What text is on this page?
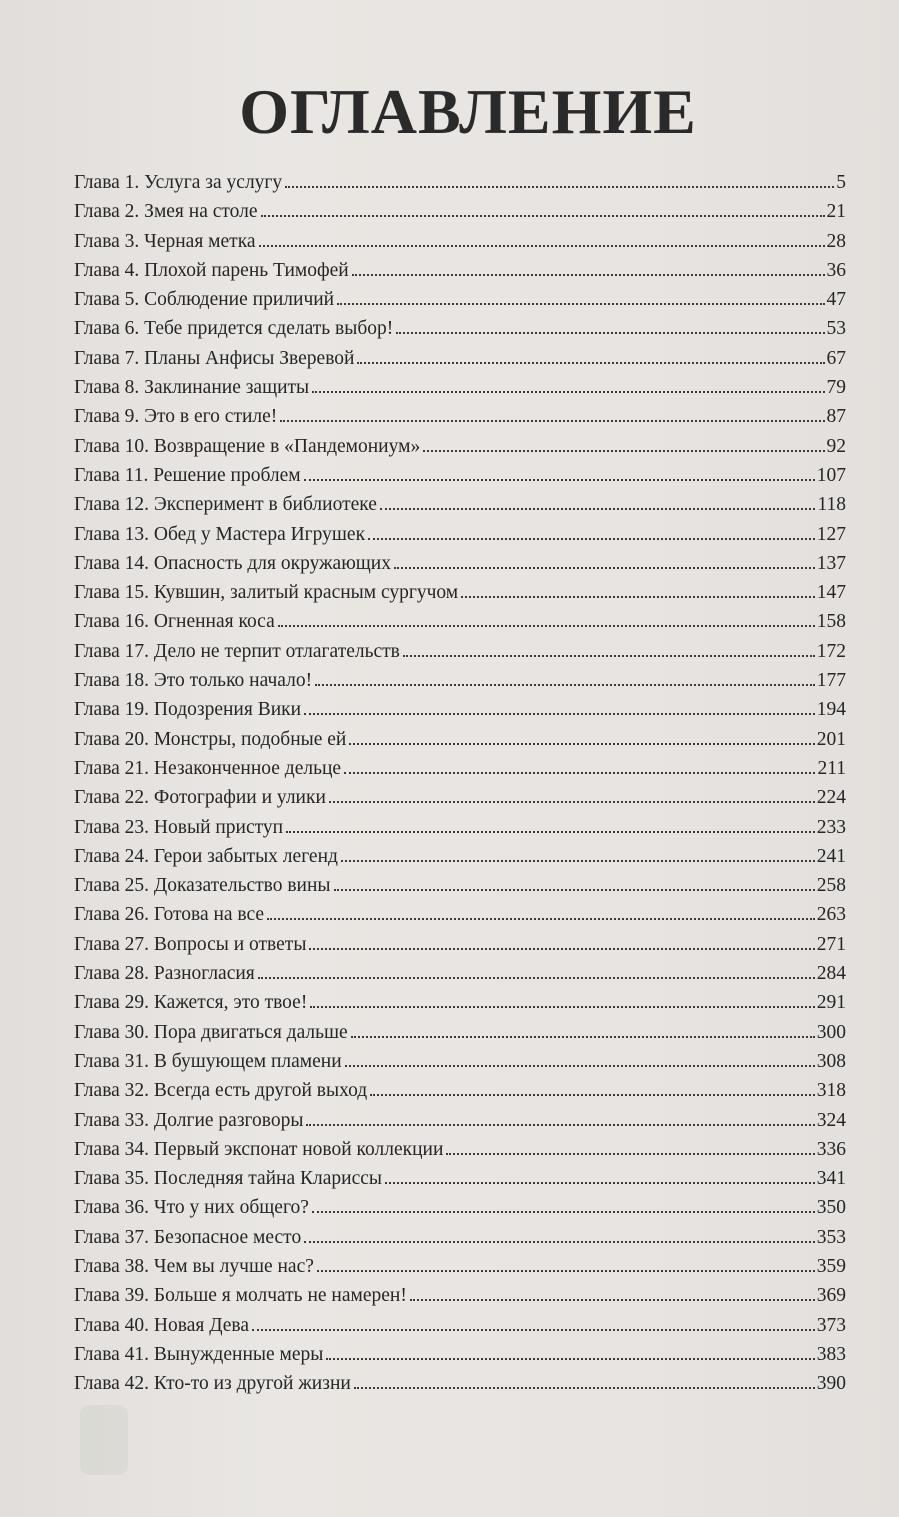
ОГЛАВЛЕНИЕ
Глава 1. Услуга за услугу	5
Глава 2. Змея на столе	21
Глава 3. Черная метка	28
Глава 4. Плохой парень Тимофей	36
Глава 5. Соблюдение приличий	47
Глава 6. Тебе придется сделать выбор!	53
Глава 7. Планы Анфисы Зверевой	67
Глава 8. Заклинание защиты	79
Глава 9. Это в его стиле!	87
Глава 10. Возвращение в «Пандемониум»	92
Глава 11. Решение проблем	107
Глава 12. Эксперимент в библиотеке	118
Глава 13. Обед у Мастера Игрушек	127
Глава 14. Опасность для окружающих	137
Глава 15. Кувшин, залитый красным сургучом	147
Глава 16. Огненная коса	158
Глава 17. Дело не терпит отлагательств	172
Глава 18. Это только начало!	177
Глава 19. Подозрения Вики	194
Глава 20. Монстры, подобные ей	201
Глава 21. Незаконченное дельце	211
Глава 22. Фотографии и улики	224
Глава 23. Новый приступ	233
Глава 24. Герои забытых легенд	241
Глава 25. Доказательство вины	258
Глава 26. Готова на все	263
Глава 27. Вопросы и ответы	271
Глава 28. Разногласия	284
Глава 29. Кажется, это твое!	291
Глава 30. Пора двигаться дальше	300
Глава 31. В бушующем пламени	308
Глава 32. Всегда есть другой выход	318
Глава 33. Долгие разговоры	324
Глава 34. Первый экспонат новой коллекции	336
Глава 35. Последняя тайна Клариссы	341
Глава 36. Что у них общего?	350
Глава 37. Безопасное место	353
Глава 38. Чем вы лучше нас?	359
Глава 39. Больше я молчать не намерен!	369
Глава 40. Новая Дева	373
Глава 41. Вынужденные меры	383
Глава 42. Кто-то из другой жизни	390
